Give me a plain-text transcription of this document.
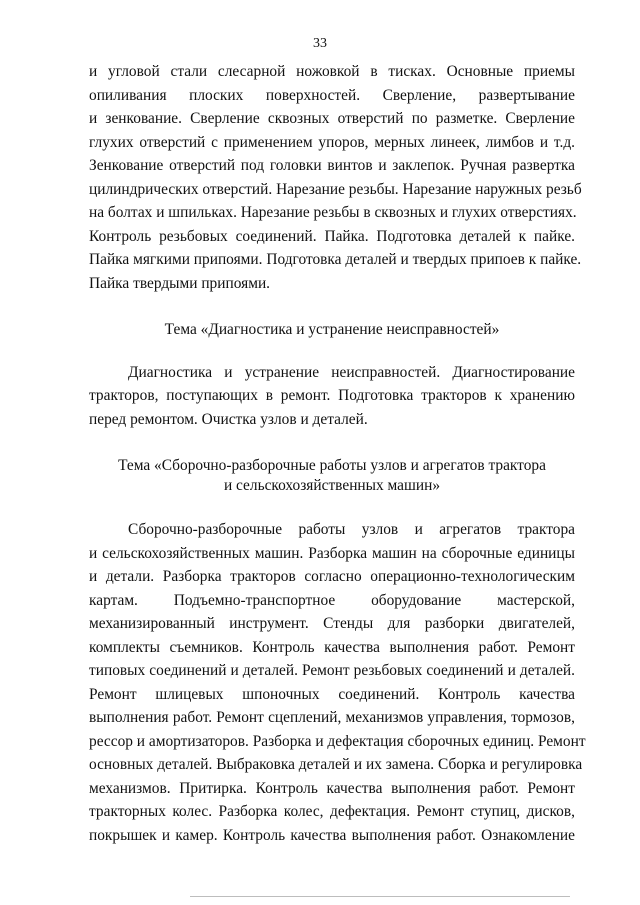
33

и угловой стали слесарной ножовкой в тисках. Основные приемы
опиливания плоских поверхностей. Сверление, развертывание
и зенкование. Сверление сквозных отверстий по разметке. Сверление
глухих отверстий с применением упоров, мерных линеек, лимбов и т.д.
Зенкование отверстий под головки винтов и заклепок. Ручная развертка
цилиндрических отверстий. Нарезание резьбы. Нарезание наружных резьб
на болтах и шпильках. Нарезание резьбы в сквозных и глухих отверстиях.
Контроль резьбовых соединений. Пайка. Подготовка деталей к пайке.
Пайка мягкими припоями. Подготовка деталей и твердых припоев к пайке.
Пайка твердыми припоями.

Тема «Диагностика и устранение неисправностей»

Диагностика и устранение неисправностей. Диагностирование
тракторов, поступающих в ремонт. Подготовка тракторов к хранению
перед ремонтом. Очистка узлов и деталей.

Тема «Сборочно-разборочные работы узлов и агрегатов трактора
и сельскохозяйственных машин»

Сборочно-разборочные работы узлов и агрегатов трактора
и сельскохозяйственных машин. Разборка машин на сборочные единицы
и детали. Разборка тракторов согласно операционно-технологическим
картам. Подъемно-транспортное оборудование мастерской,
механизированный инструмент. Стенды для разборки двигателей,
комплекты съемников. Контроль качества выполнения работ. Ремонт
типовых соединений и деталей. Ремонт резьбовых соединений и деталей.
Ремонт шлицевых шпоночных соединений. Контроль качества
выполнения работ. Ремонт сцеплений, механизмов управления, тормозов,
рессор и амортизаторов. Разборка и дефектация сборочных единиц. Ремонт
основных деталей. Выбраковка деталей и их замена. Сборка и регулировка
механизмов. Притирка. Контроль качества выполнения работ. Ремонт
тракторных колес. Разборка колес, дефектация. Ремонт ступиц, дисков,
покрышек и камер. Контроль качества выполнения работ. Ознакомление
